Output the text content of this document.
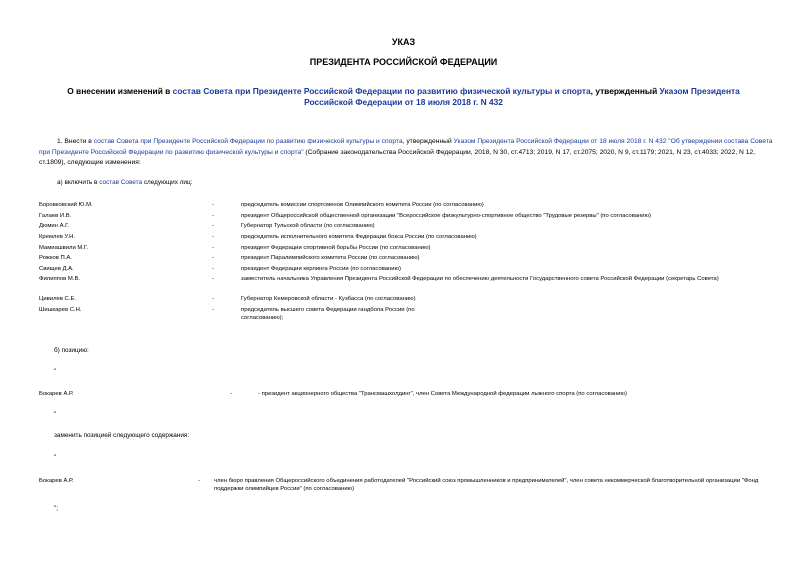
УКАЗ
ПРЕЗИДЕНТА РОССИЙСКОЙ ФЕДЕРАЦИИ
О внесении изменений в состав Совета при Президенте Российской Федерации по развитию физической культуры и спорта, утвержденный Указом Президента Российской Федерации от 18 июля 2018 г. N 432
1. Внести в состав Совета при Президенте Российской Федерации по развитию физической культуры и спорта, утвержденный Указом Президента Российской Федерации от 18 июля 2018 г. N 432 "Об утверждении состава Совета при Президенте Российской Федерации по развитию физической культуры и спорта" (Собрание законодательства Российской Федерации, 2018, N 30, ст.4713; 2019, N 17, ст.2075; 2020, N 9, ст.1179; 2021, N 23, ст.4033; 2022, N 12, ст.1809), следующие изменения:
а) включить в состав Совета следующих лиц:
Боровковский Ю.М.	-	председатель комиссии спортсменов Олимпийского комитета России (по согласованию)
Галаев И.В.	-	президент Общероссийской общественной организации "Всероссийское физкультурно-спортивное общество "Трудовые резервы" (по согласованию)
Дюмин А.Г.	-	Губернатор Тульской области (по согласованию)
Кремлев У.Н.	-	председатель исполнительного комитета Федерации бокса России (по согласованию)
Мамиашвили М.Г.	-	президент Федерации спортивной борьбы России (по согласованию)
Рожков П.А.	-	президент Паралимпийского комитета России (по согласованию)
Свищев Д.А.	-	президент Федерации керлинга России (по согласованию)
Филиппов М.В.	-	заместитель начальника Управления Президента Российской Федерации по обеспечению деятельности Государственного совета Российской Федерации (секретарь Совета)
Цивилев С.Е.	-	Губернатор Кемеровской области - Кузбасса (по согласованию)
Шишкарев С.Н.	-	председатель высшего совета Федерации гандбола России (по согласованию);
б) позицию:
"
Бокарев А.Р.	-	- президент акционерного общества "Трансмашхолдинг", член Совета Международной федерации лыжного спорта (по согласованию)
"
заменить позицией следующего содержания:
"
Бокарев А.Р.	- член бюро правления Общероссийского объединения работодателей "Российский союз промышленников и предпринимателей", член совета некоммерческой благотворительной организации "Фонд поддержки олимпийцев России" (по согласованию)
";
